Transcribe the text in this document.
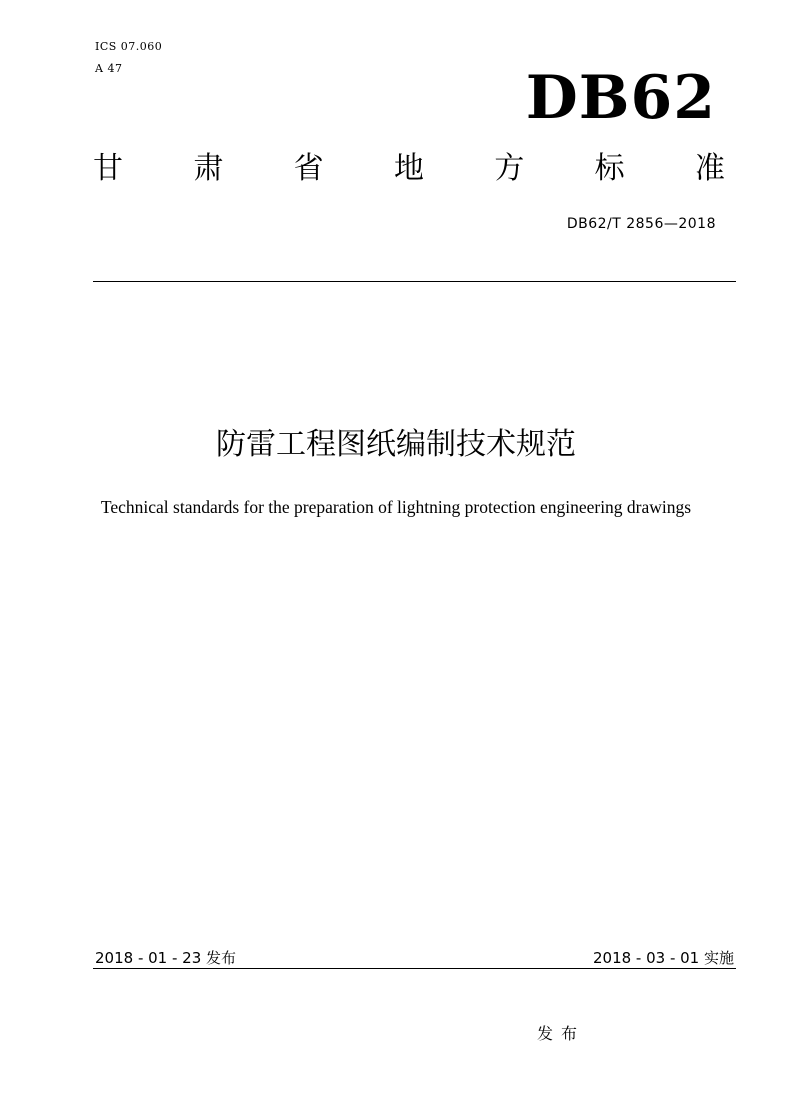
ICS 07.060
A 47	DB62
甘 肃 省 地 方 标 准
DB62/T 2856—2018
防雷工程图纸编制技术规范
Technical standards for the preparation of lightning protection engineering drawings
2018 - 01 - 23 发布	2018 - 03 - 01 实施
发布
